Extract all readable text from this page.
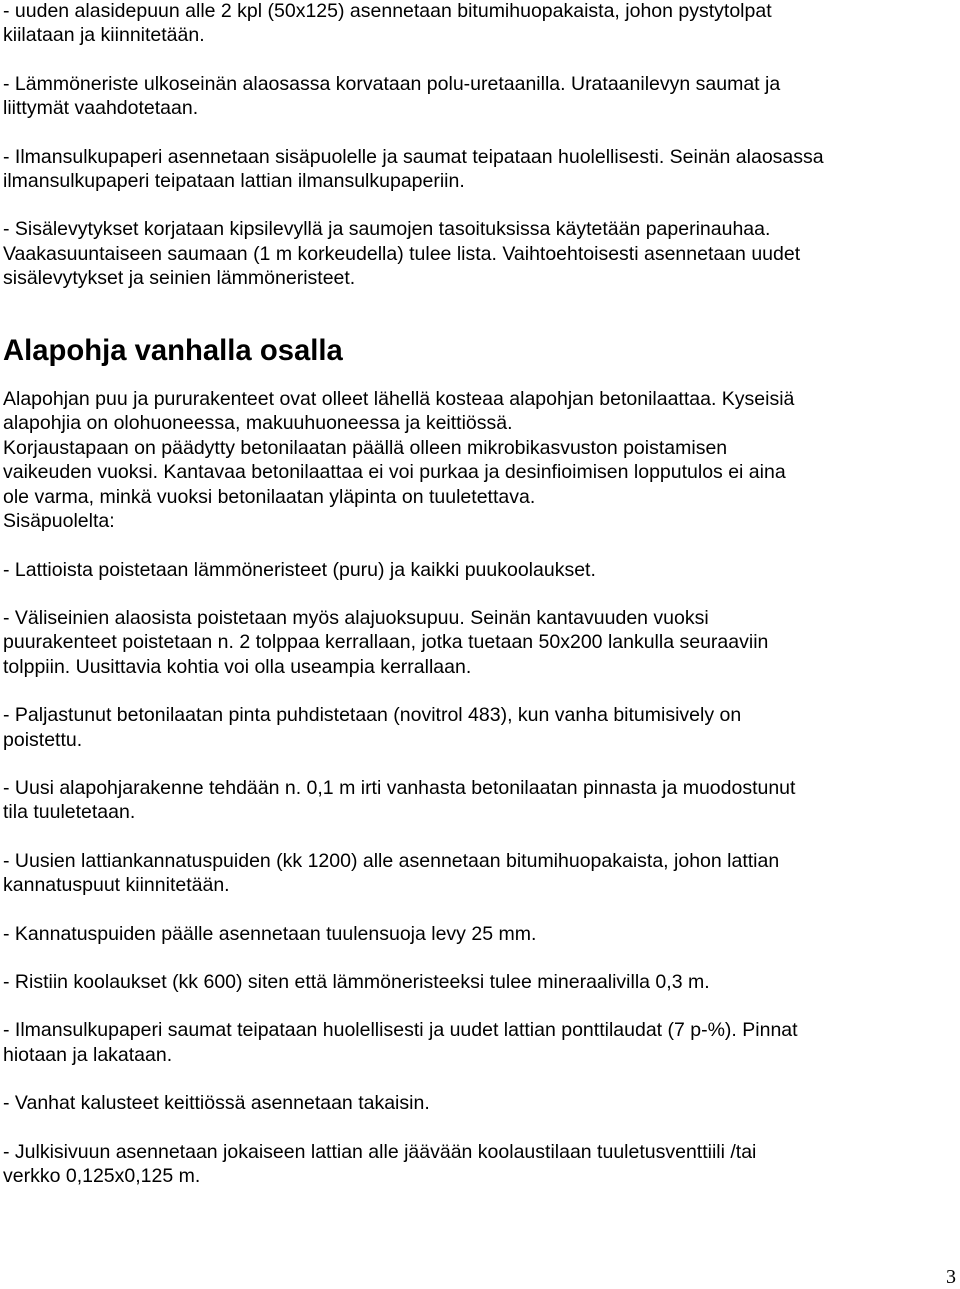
- uuden alasidepuun alle 2 kpl (50x125) asennetaan bitumihuopakaista, johon pystytolpat
kiilataan ja kiinnitetään.

- Lämmöneriste ulkoseinän alaosassa korvataan polu-uretaanilla. Urataanilevyn saumat ja
liittymät vaahdotetaan.

- Ilmansulkupaperi asennetaan sisäpuolelle ja saumat teipataan huolellisesti. Seinän alaosassa
ilmansulkupaperi teipataan lattian ilmansulkupaperiin.

- Sisälevytykset korjataan kipsilevyllä ja saumojen tasoituksissa käytetään paperinauhaa.
Vaakasuuntaiseen saumaan (1 m korkeudella) tulee lista. Vaihtoehtoisesti asennetaan uudet
sisälevytykset ja seinien lämmöneristeet.

Alapohja vanhalla osalla

Alapohjan puu ja pururakenteet ovat olleet lähellä kosteaa alapohjan betonilaattaa. Kyseisiä
alapohjia on olohuoneessa, makuuhuoneessa ja keittiössä.
Korjaustapaan on päädytty betonilaatan päällä olleen mikrobikasvuston poistamisen
vaikeuden vuoksi. Kantavaa betonilaattaa ei voi purkaa ja desinfioimisen lopputulos ei aina
ole varma, minkä vuoksi betonilaatan yläpinta on tuuletettava.
Sisäpuolelta:

- Lattioista poistetaan lämmöneristeet (puru) ja kaikki puukoolaukset.

- Väliseinien alaosista poistetaan myös alajuoksupuu. Seinän kantavuuden vuoksi
puurakenteet poistetaan n. 2 tolppaa kerrallaan, jotka tuetaan 50x200 lankulla seuraaviin
tolppiin. Uusittavia kohtia voi olla useampia kerrallaan.

- Paljastunut betonilaatan pinta puhdistetaan (novitrol 483), kun vanha bitumisively on
poistettu.

- Uusi alapohjarakenne tehdään n. 0,1 m irti vanhasta betonilaatan pinnasta ja muodostunut
tila tuuletetaan.

- Uusien lattiankannatuspuiden (kk 1200) alle asennetaan bitumihuopakaista, johon lattian
kannatuspuut kiinnitetään.

- Kannatuspuiden päälle asennetaan tuulensuoja levy 25 mm.

- Ristiin koolaukset (kk 600) siten että lämmöneristeeksi tulee mineraalivilla 0,3 m.

- Ilmansulkupaperi saumat teipataan huolellisesti ja uudet lattian ponttilaudat (7 p-%). Pinnat
hiotaan ja lakataan.

- Vanhat kalusteet keittiössä asennetaan takaisin.

- Julkisivuun asennetaan jokaiseen lattian alle jäävään koolaustilaan tuuletusventtiili /tai
verkko 0,125x0,125 m.

3
